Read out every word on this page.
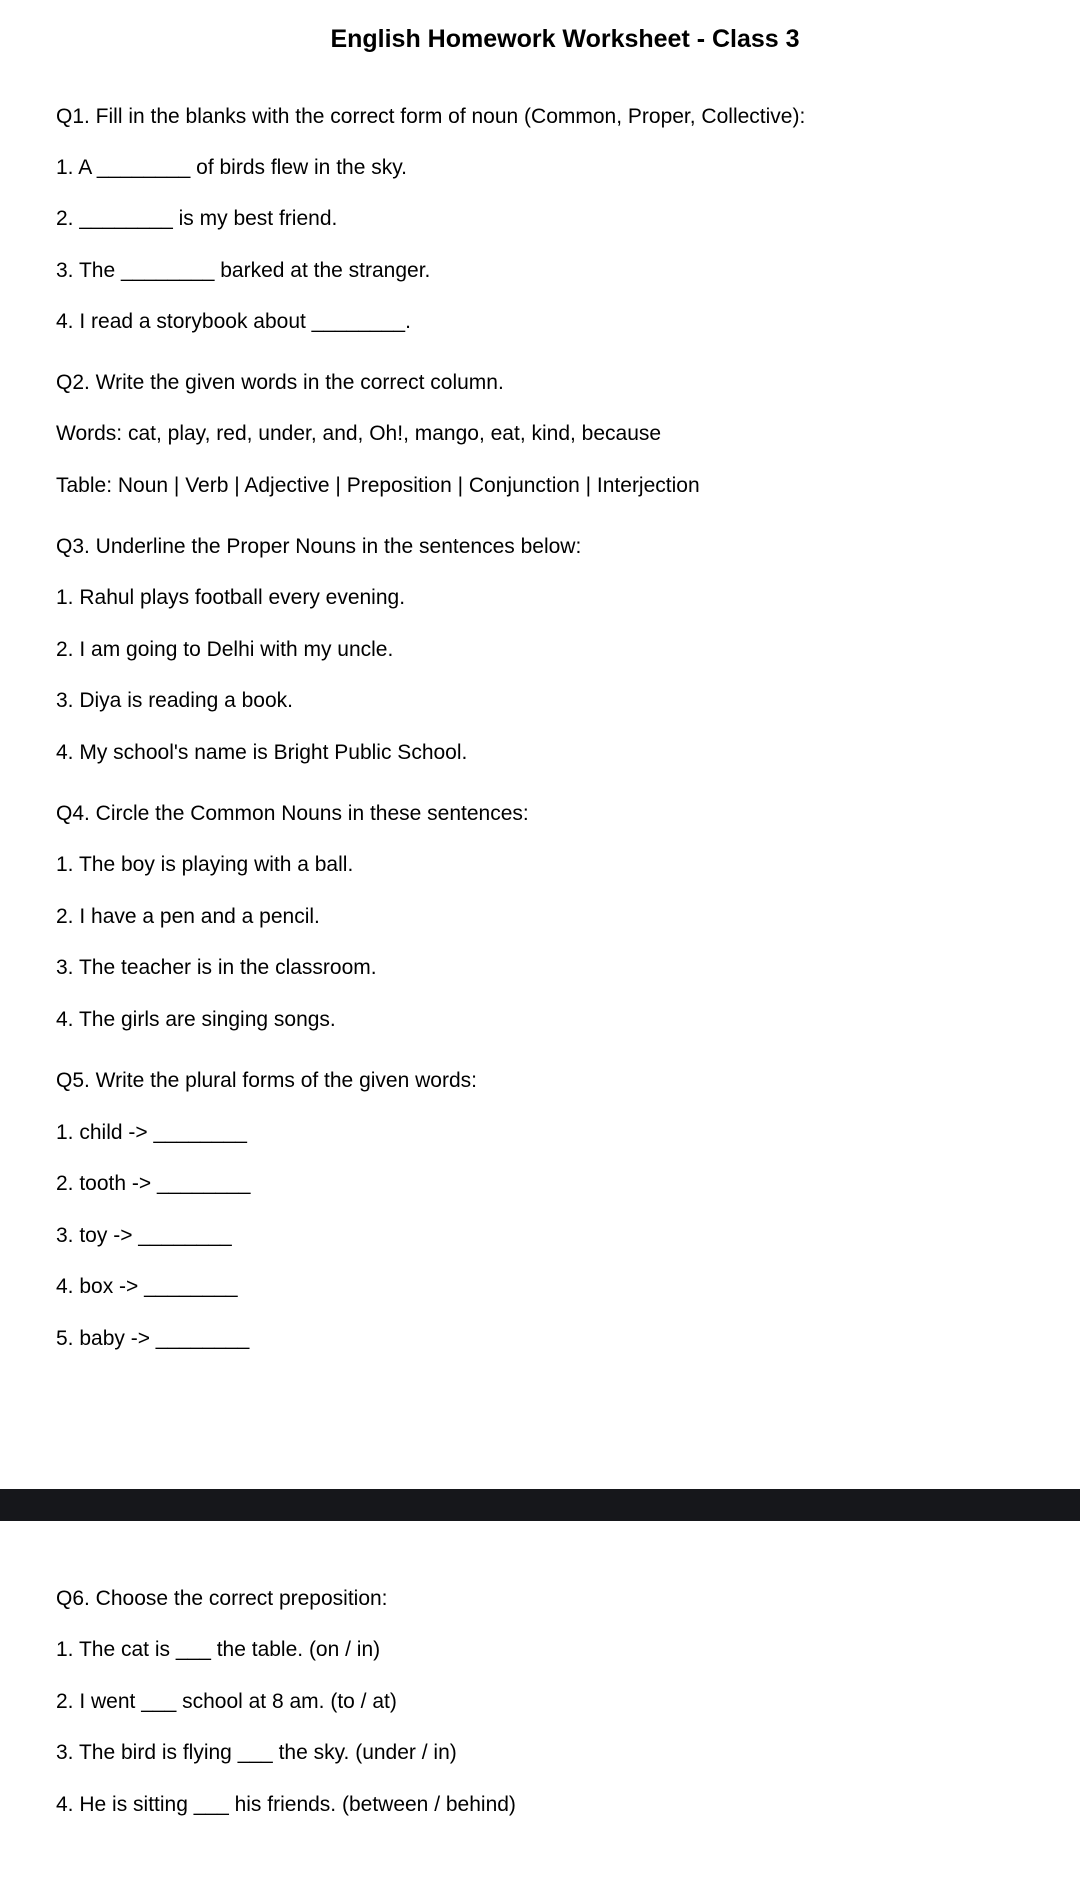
English Homework Worksheet - Class 3
Q1. Fill in the blanks with the correct form of noun (Common, Proper, Collective):
1. A ________ of birds flew in the sky.
2. ________ is my best friend.
3. The ________ barked at the stranger.
4. I read a storybook about ________.
Q2. Write the given words in the correct column.
Words: cat, play, red, under, and, Oh!, mango, eat, kind, because
Table: Noun | Verb | Adjective | Preposition | Conjunction | Interjection
Q3. Underline the Proper Nouns in the sentences below:
1. Rahul plays football every evening.
2. I am going to Delhi with my uncle.
3. Diya is reading a book.
4. My school's name is Bright Public School.
Q4. Circle the Common Nouns in these sentences:
1. The boy is playing with a ball.
2. I have a pen and a pencil.
3. The teacher is in the classroom.
4. The girls are singing songs.
Q5. Write the plural forms of the given words:
1. child -> ________
2. tooth -> ________
3. toy -> ________
4. box -> ________
5. baby -> ________
Q6. Choose the correct preposition:
1. The cat is ___ the table. (on / in)
2. I went ___ school at 8 am. (to / at)
3. The bird is flying ___ the sky. (under / in)
4. He is sitting ___ his friends. (between / behind)
